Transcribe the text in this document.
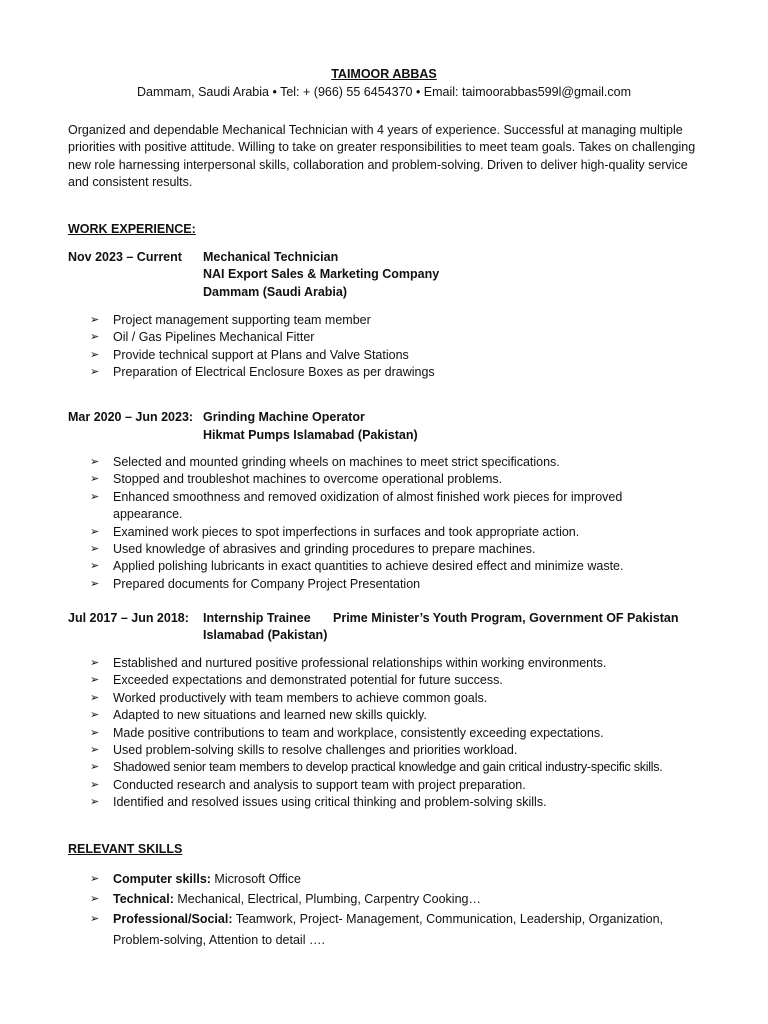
TAIMOOR ABBAS
Dammam, Saudi Arabia • Tel: + (966) 55 6454370 • Email: taimoorabbas599l@gmail.com
Organized and dependable Mechanical Technician with 4 years of experience. Successful at managing multiple priorities with positive attitude. Willing to take on greater responsibilities to meet team goals. Takes on challenging new role harnessing interpersonal skills, collaboration and problem-solving. Driven to deliver high-quality service and consistent results.
WORK EXPERIENCE:
Nov 2023 – Current Mechanical Technician
NAI Export Sales & Marketing Company
Dammam (Saudi Arabia)
➢ Project management supporting team member
➢ Oil / Gas Pipelines Mechanical Fitter
➢ Provide technical support at Plans and Valve Stations
➢ Preparation of Electrical Enclosure Boxes as per drawings
Mar 2020 – Jun 2023: Grinding Machine Operator
Hikmat Pumps Islamabad (Pakistan)
➢ Selected and mounted grinding wheels on machines to meet strict specifications.
➢ Stopped and troubleshot machines to overcome operational problems.
➢ Enhanced smoothness and removed oxidization of almost finished work pieces for improved appearance.
➢ Examined work pieces to spot imperfections in surfaces and took appropriate action.
➢ Used knowledge of abrasives and grinding procedures to prepare machines.
➢ Applied polishing lubricants in exact quantities to achieve desired effect and minimize waste.
➢ Prepared documents for Company Project Presentation
Jul 2017 – Jun 2018: Internship Trainee Prime Minister’s Youth Program, Government OF Pakistan
Islamabad (Pakistan)
➢ Established and nurtured positive professional relationships within working environments.
➢ Exceeded expectations and demonstrated potential for future success.
➢ Worked productively with team members to achieve common goals.
➢ Adapted to new situations and learned new skills quickly.
➢ Made positive contributions to team and workplace, consistently exceeding expectations.
➢ Used problem-solving skills to resolve challenges and priorities workload.
➢ Shadowed senior team members to develop practical knowledge and gain critical industry-specific skills.
➢ Conducted research and analysis to support team with project preparation.
➢ Identified and resolved issues using critical thinking and problem-solving skills.
RELEVANT SKILLS
➢ Computer skills: Microsoft Office
➢ Technical: Mechanical, Electrical, Plumbing, Carpentry Cooking…
➢ Professional/Social: Teamwork, Project- Management, Communication, Leadership, Organization, Problem-solving, Attention to detail ….
